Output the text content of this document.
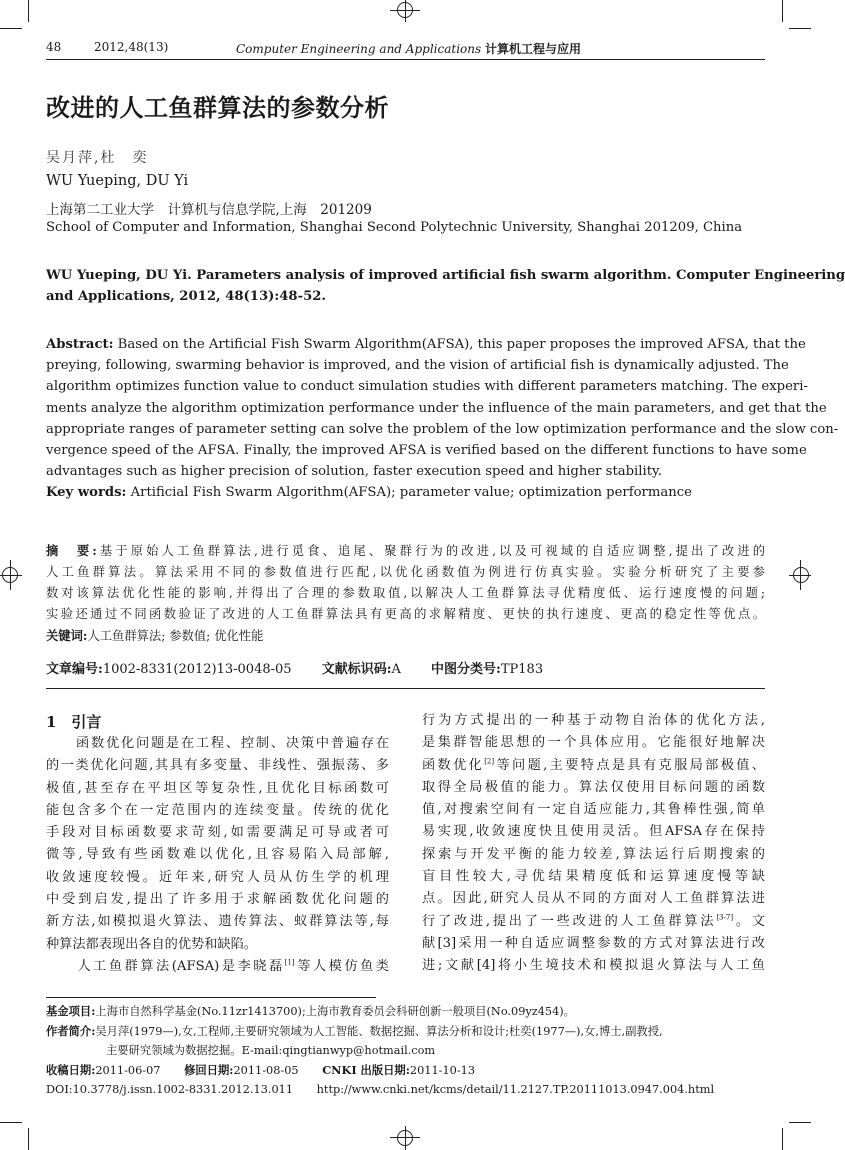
48	2012,48(13)	Computer Engineering and Applications 计算机工程与应用
改进的人工鱼群算法的参数分析
吴月萍,杜　奕
WU Yueping, DU Yi
上海第二工业大学　计算机与信息学院,上海　201209
School of Computer and Information, Shanghai Second Polytechnic University, Shanghai 201209, China
WU Yueping, DU Yi. Parameters analysis of improved artificial fish swarm algorithm. Computer Engineering
and Applications, 2012, 48(13):48-52.
Abstract: Based on the Artificial Fish Swarm Algorithm(AFSA), this paper proposes the improved AFSA, that the
preying, following, swarming behavior is improved, and the vision of artificial fish is dynamically adjusted. The
algorithm optimizes function value to conduct simulation studies with different parameters matching. The experi-
ments analyze the algorithm optimization performance under the influence of the main parameters, and get that the
appropriate ranges of parameter setting can solve the problem of the low optimization performance and the slow con-
vergence speed of the AFSA. Finally, the improved AFSA is verified based on the different functions to have some
advantages such as higher precision of solution, faster execution speed and higher stability.
Key words: Artificial Fish Swarm Algorithm(AFSA); parameter value; optimization performance
摘　要:基于原始人工鱼群算法,进行觅食、追尾、聚群行为的改进,以及可视域的自适应调整,提出了改进的
人工鱼群算法。算法采用不同的参数值进行匹配,以优化函数值为例进行仿真实验。实验分析研究了主要参
数对该算法优化性能的影响,并得出了合理的参数取值,以解决人工鱼群算法寻优精度低、运行速度慢的问题;
实验还通过不同函数验证了改进的人工鱼群算法具有更高的求解精度、更快的执行速度、更高的稳定性等优点。
关键词:人工鱼群算法; 参数值; 优化性能
文章编号:1002-8331(2012)13-0048-05 文献标识码:A 中图分类号:TP183
1　引言
　　函数优化问题是在工程、控制、决策中普遍存在
的一类优化问题,其具有多变量、非线性、强振荡、多
极值,甚至存在平坦区等复杂性,且优化目标函数可
能包含多个在一定范围内的连续变量。传统的优化
手段对目标函数要求苛刻,如需要满足可导或者可
微等,导致有些函数难以优化,且容易陷入局部解,
收敛速度较慢。近年来,研究人员从仿生学的机理
中受到启发,提出了许多用于求解函数优化问题的
新方法,如模拟退火算法、遗传算法、蚁群算法等,每
种算法都表现出各自的优势和缺陷。
　　人工鱼群算法(AFSA)是李晓磊[1]等人模仿鱼类
行为方式提出的一种基于动物自治体的优化方法,
是集群智能思想的一个具体应用。它能很好地解决
函数优化[2]等问题,主要特点是具有克服局部极值、
取得全局极值的能力。算法仅使用目标问题的函数
值,对搜索空间有一定自适应能力,其鲁棒性强,简单
易实现,收敛速度快且使用灵活。但AFSA存在保持
探索与开发平衡的能力较差,算法运行后期搜索的
盲目性较大,寻优结果精度低和运算速度慢等缺
点。因此,研究人员从不同的方面对人工鱼群算法进
行了改进,提出了一些改进的人工鱼群算法[3-7]。文
献[3]采用一种自适应调整参数的方式对算法进行改
进;文献[4]将小生境技术和模拟退火算法与人工鱼
基金项目:上海市自然科学基金(No.11zr1413700);上海市教育委员会科研创新一般项目(No.09yz454)。
作者简介:吴月萍(1979—),女,工程师,主要研究领域为人工智能、数据挖掘、算法分析和设计;杜奕(1977—),女,博士,副教授,
主要研究领域为数据挖掘。E-mail:qingtianwyp@hotmail.com
收稿日期:2011-06-07 修回日期:2011-08-05 CNKI 出版日期:2011-10-13
DOI:10.3778/j.issn.1002-8331.2012.13.011 http://www.cnki.net/kcms/detail/11.2127.TP.20111013.0947.004.html
